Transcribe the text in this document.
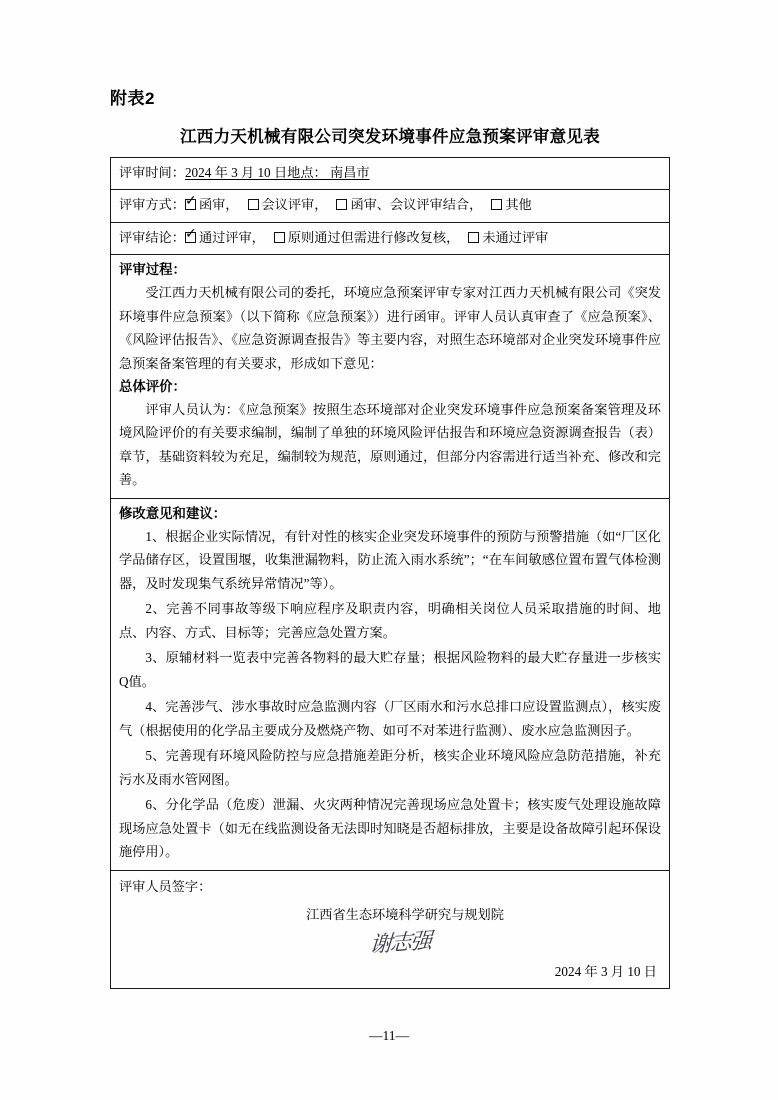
附表2
江西力天机械有限公司突发环境事件应急预案评审意见表
评审时间：2024 年 3 月 10 日地点： 南昌市
评审方式： ✓ 函审， 会议评审， 函审、会议评审结合， 其他
评审结论： ✓ 通过评审， 原则通过但需进行修改复核， 未通过评审

评审过程：

受江西力天机械有限公司的委托，环境应急预案评审专家对江西力天机械有限公司《突发环境事件应急预案》（以下简称《应急预案》）进行函审。评审人员认真审查了《应急预案》、《风险评估报告》、《应急资源调查报告》等主要内容，对照生态环境部对企业突发环境事件应急预案备案管理的有关要求，形成如下意见：

总体评价：

评审人员认为：《应急预案》按照生态环境部对企业突发环境事件应急预案备案管理及环境风险评价的有关要求编制，编制了单独的环境风险评估报告和环境应急资源调查报告（表）章节，基础资料较为充足，编制较为规范，原则通过，但部分内容需进行适当补充、修改和完善。

修改意见和建议：

1、根据企业实际情况，有针对性的核实企业突发环境事件的预防与预警措施（如“厂区化学品储存区，设置围堰，收集泄漏物料，防止流入雨水系统”；“在车间敏感位置布置气体检测器，及时发现集气系统异常情况”等）。

2、完善不同事故等级下响应程序及职责内容，明确相关岗位人员采取措施的时间、地点、内容、方式、目标等；完善应急处置方案。

3、原辅材料一览表中完善各物料的最大贮存量；根据风险物料的最大贮存量进一步核实Q值。

4、完善涉气、涉水事故时应急监测内容（厂区雨水和污水总排口应设置监测点），核实废气（根据使用的化学品主要成分及燃烧产物、如可不对苯进行监测）、废水应急监测因子。

5、完善现有环境风险防控与应急措施差距分析，核实企业环境风险应急防范措施，补充污水及雨水管网图。

6、分化学品（危废）泄漏、火灾两种情况完善现场应急处置卡；核实废气处理设施故障现场应急处置卡（如无在线监测设备无法即时知晓是否超标排放，主要是设备故障引起环保设施停用）。

评审人员签字：
江西省生态环境科学研究与规划院
谢志强
2024 年 3 月 10 日
—11—
